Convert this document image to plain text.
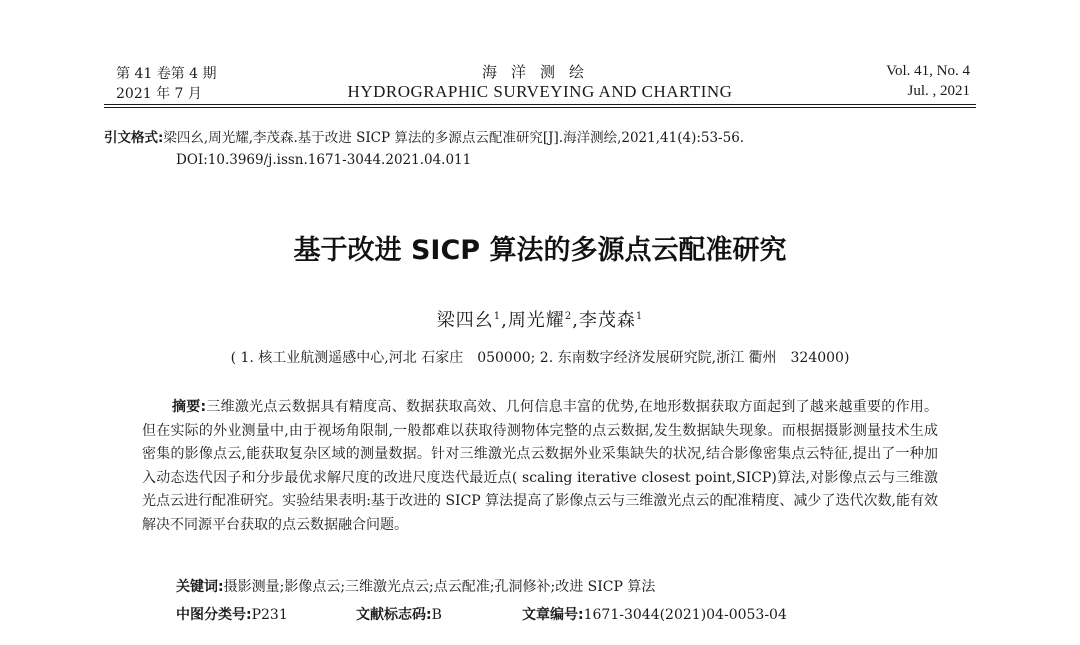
第 41 卷第 4 期
2021 年 7 月
海洋测绘
HYDROGRAPHIC SURVEYING AND CHARTING
Vol. 41, No. 4
Jul. , 2021
引文格式:梁四幺,周光耀,李茂森.基于改进 SICP 算法的多源点云配准研究[J].海洋测绘,2021,41(4):53-56.
DOI:10.3969/j.issn.1671-3044.2021.04.011
基于改进 SICP 算法的多源点云配准研究
梁四幺$^1$,周光耀$^2$,李茂森$^1$
( 1. 核工业航测遥感中心,河北 石家庄　050000; 2. 东南数字经济发展研究院,浙江 衢州　324000)
摘要:三维激光点云数据具有精度高、数据获取高效、几何信息丰富的优势,在地形数据获取方面起到了越来越重要的作用。但在实际的外业测量中,由于视场角限制,一般都难以获取待测物体完整的点云数据,发生数据缺失现象。而根据摄影测量技术生成密集的影像点云,能获取复杂区域的测量数据。针对三维激光点云数据外业采集缺失的状况,结合影像密集点云特征,提出了一种加入动态迭代因子和分步最优求解尺度的改进尺度迭代最近点( scaling iterative closest point,SICP)算法,对影像点云与三维激光点云进行配准研究。实验结果表明:基于改进的 SICP 算法提高了影像点云与三维激光点云的配准精度、减少了迭代次数,能有效解决不同源平台获取的点云数据融合问题。
关键词:摄影测量;影像点云;三维激光点云;点云配准;孔洞修补;改进 SICP 算法
中图分类号:P231	文献标志码:B	文章编号:1671-3044(2021)04-0053-04
